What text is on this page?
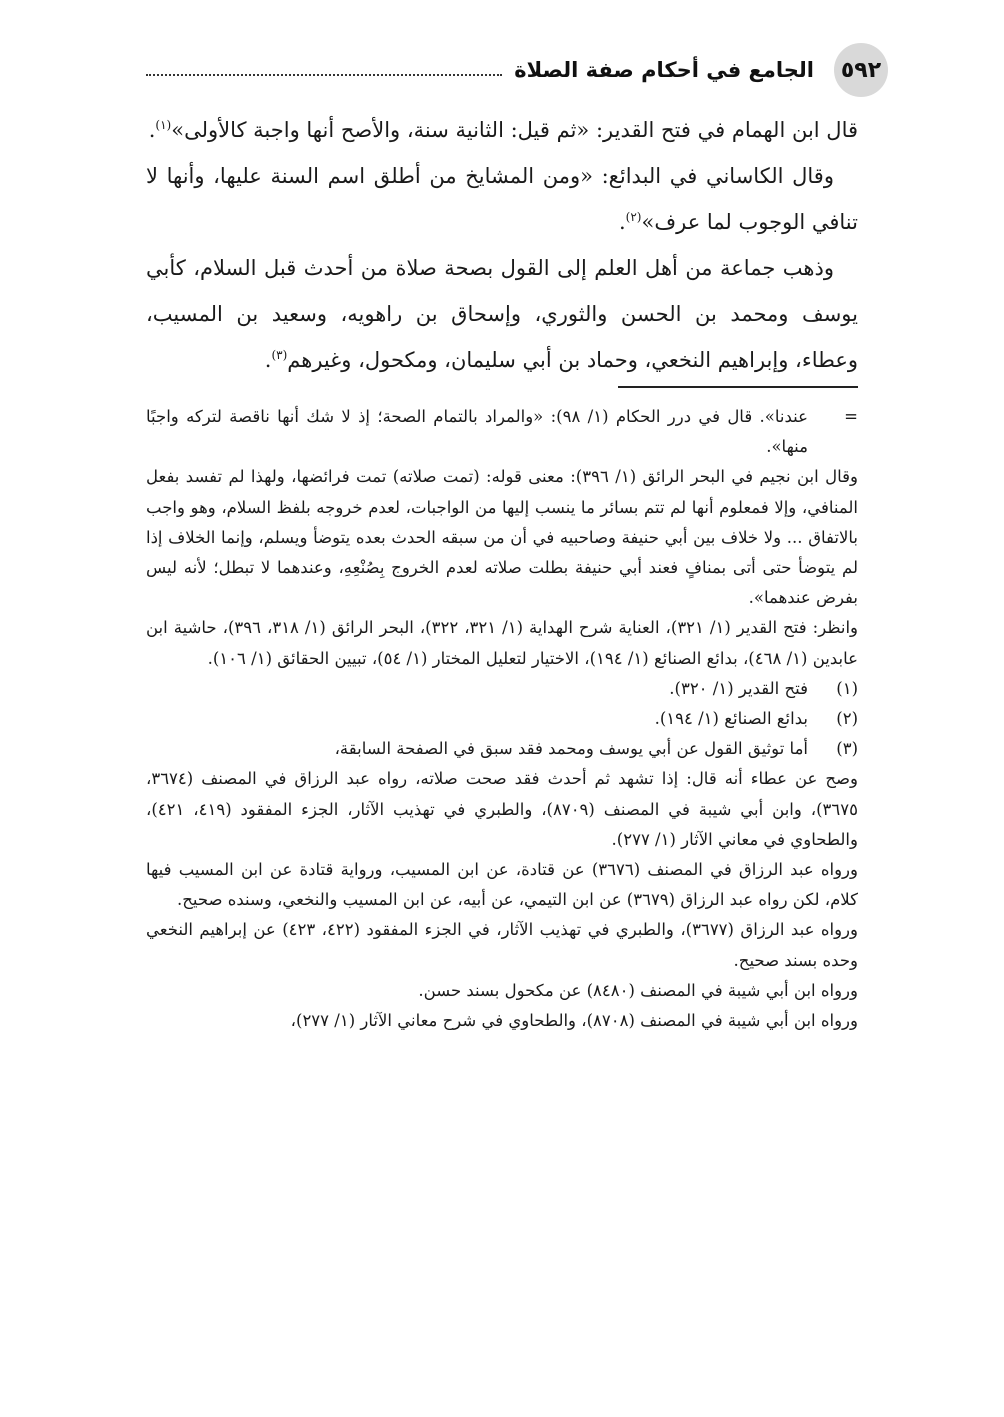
٥٩٢
الجامع في أحكام صفة الصلاة

قال ابن الهمام في فتح القدير: «ثم قيل: الثانية سنة، والأصح أنها واجبة كالأولى»$^{(١)}$.

وقال الكاساني في البدائع: «ومن المشايخ من أطلق اسم السنة عليها، وأنها لا تنافي الوجوب لما عرف»$^{(٢)}$.

وذهب جماعة من أهل العلم إلى القول بصحة صلاة من أحدث قبل السلام، كأبي يوسف ومحمد بن الحسن والثوري، وإسحاق بن راهويه، وسعيد بن المسيب، وعطاء، وإبراهيم النخعي، وحماد بن أبي سليمان، ومكحول، وغيرهم$^{(٣)}$.

=
عندنا». قال في درر الحكام (١/ ٩٨): «والمراد بالتمام الصحة؛ إذ لا شك أنها ناقصة لتركه واجبًا منها».

وقال ابن نجيم في البحر الرائق (١/ ٣٩٦): معنى قوله: (تمت صلاته) تمت فرائضها، ولهذا لم تفسد بفعل المنافي، وإلا فمعلوم أنها لم تتم بسائر ما ينسب إليها من الواجبات، لعدم خروجه بلفظ السلام، وهو واجب بالاتفاق ... ولا خلاف بين أبي حنيفة وصاحبيه في أن من سبقه الحدث بعده يتوضأ ويسلم، وإنما الخلاف إذا لم يتوضأ حتى أتى بمنافٍ فعند أبي حنيفة بطلت صلاته لعدم الخروج بِصُنْعِهِ، وعندهما لا تبطل؛ لأنه ليس بفرض عندهما».

وانظر: فتح القدير (١/ ٣٢١)، العناية شرح الهداية (١/ ٣٢١، ٣٢٢)، البحر الرائق (١/ ٣١٨، ٣٩٦)، حاشية ابن عابدين (١/ ٤٦٨)، بدائع الصنائع (١/ ١٩٤)، الاختيار لتعليل المختار (١/ ٥٤)، تبيين الحقائق (١/ ١٠٦).

(١)
فتح القدير (١/ ٣٢٠).

(٢)
بدائع الصنائع (١/ ١٩٤).

(٣)
أما توثيق القول عن أبي يوسف ومحمد فقد سبق في الصفحة السابقة،

وصح عن عطاء أنه قال: إذا تشهد ثم أحدث فقد صحت صلاته، رواه عبد الرزاق في المصنف (٣٦٧٤، ٣٦٧٥)، وابن أبي شيبة في المصنف (٨٧٠٩)، والطبري في تهذيب الآثار، الجزء المفقود (٤١٩، ٤٢١)، والطحاوي في معاني الآثار (١/ ٢٧٧).

ورواه عبد الرزاق في المصنف (٣٦٧٦) عن قتادة، عن ابن المسيب، ورواية قتادة عن ابن المسيب فيها كلام، لكن رواه عبد الرزاق (٣٦٧٩) عن ابن التيمي، عن أبيه، عن ابن المسيب والنخعي، وسنده صحيح.

ورواه عبد الرزاق (٣٦٧٧)، والطبري في تهذيب الآثار، في الجزء المفقود (٤٢٢، ٤٢٣) عن إبراهيم النخعي وحده بسند صحيح.

ورواه ابن أبي شيبة في المصنف (٨٤٨٠) عن مكحول بسند حسن.

ورواه ابن أبي شيبة في المصنف (٨٧٠٨)، والطحاوي في شرح معاني الآثار (١/ ٢٧٧)،
